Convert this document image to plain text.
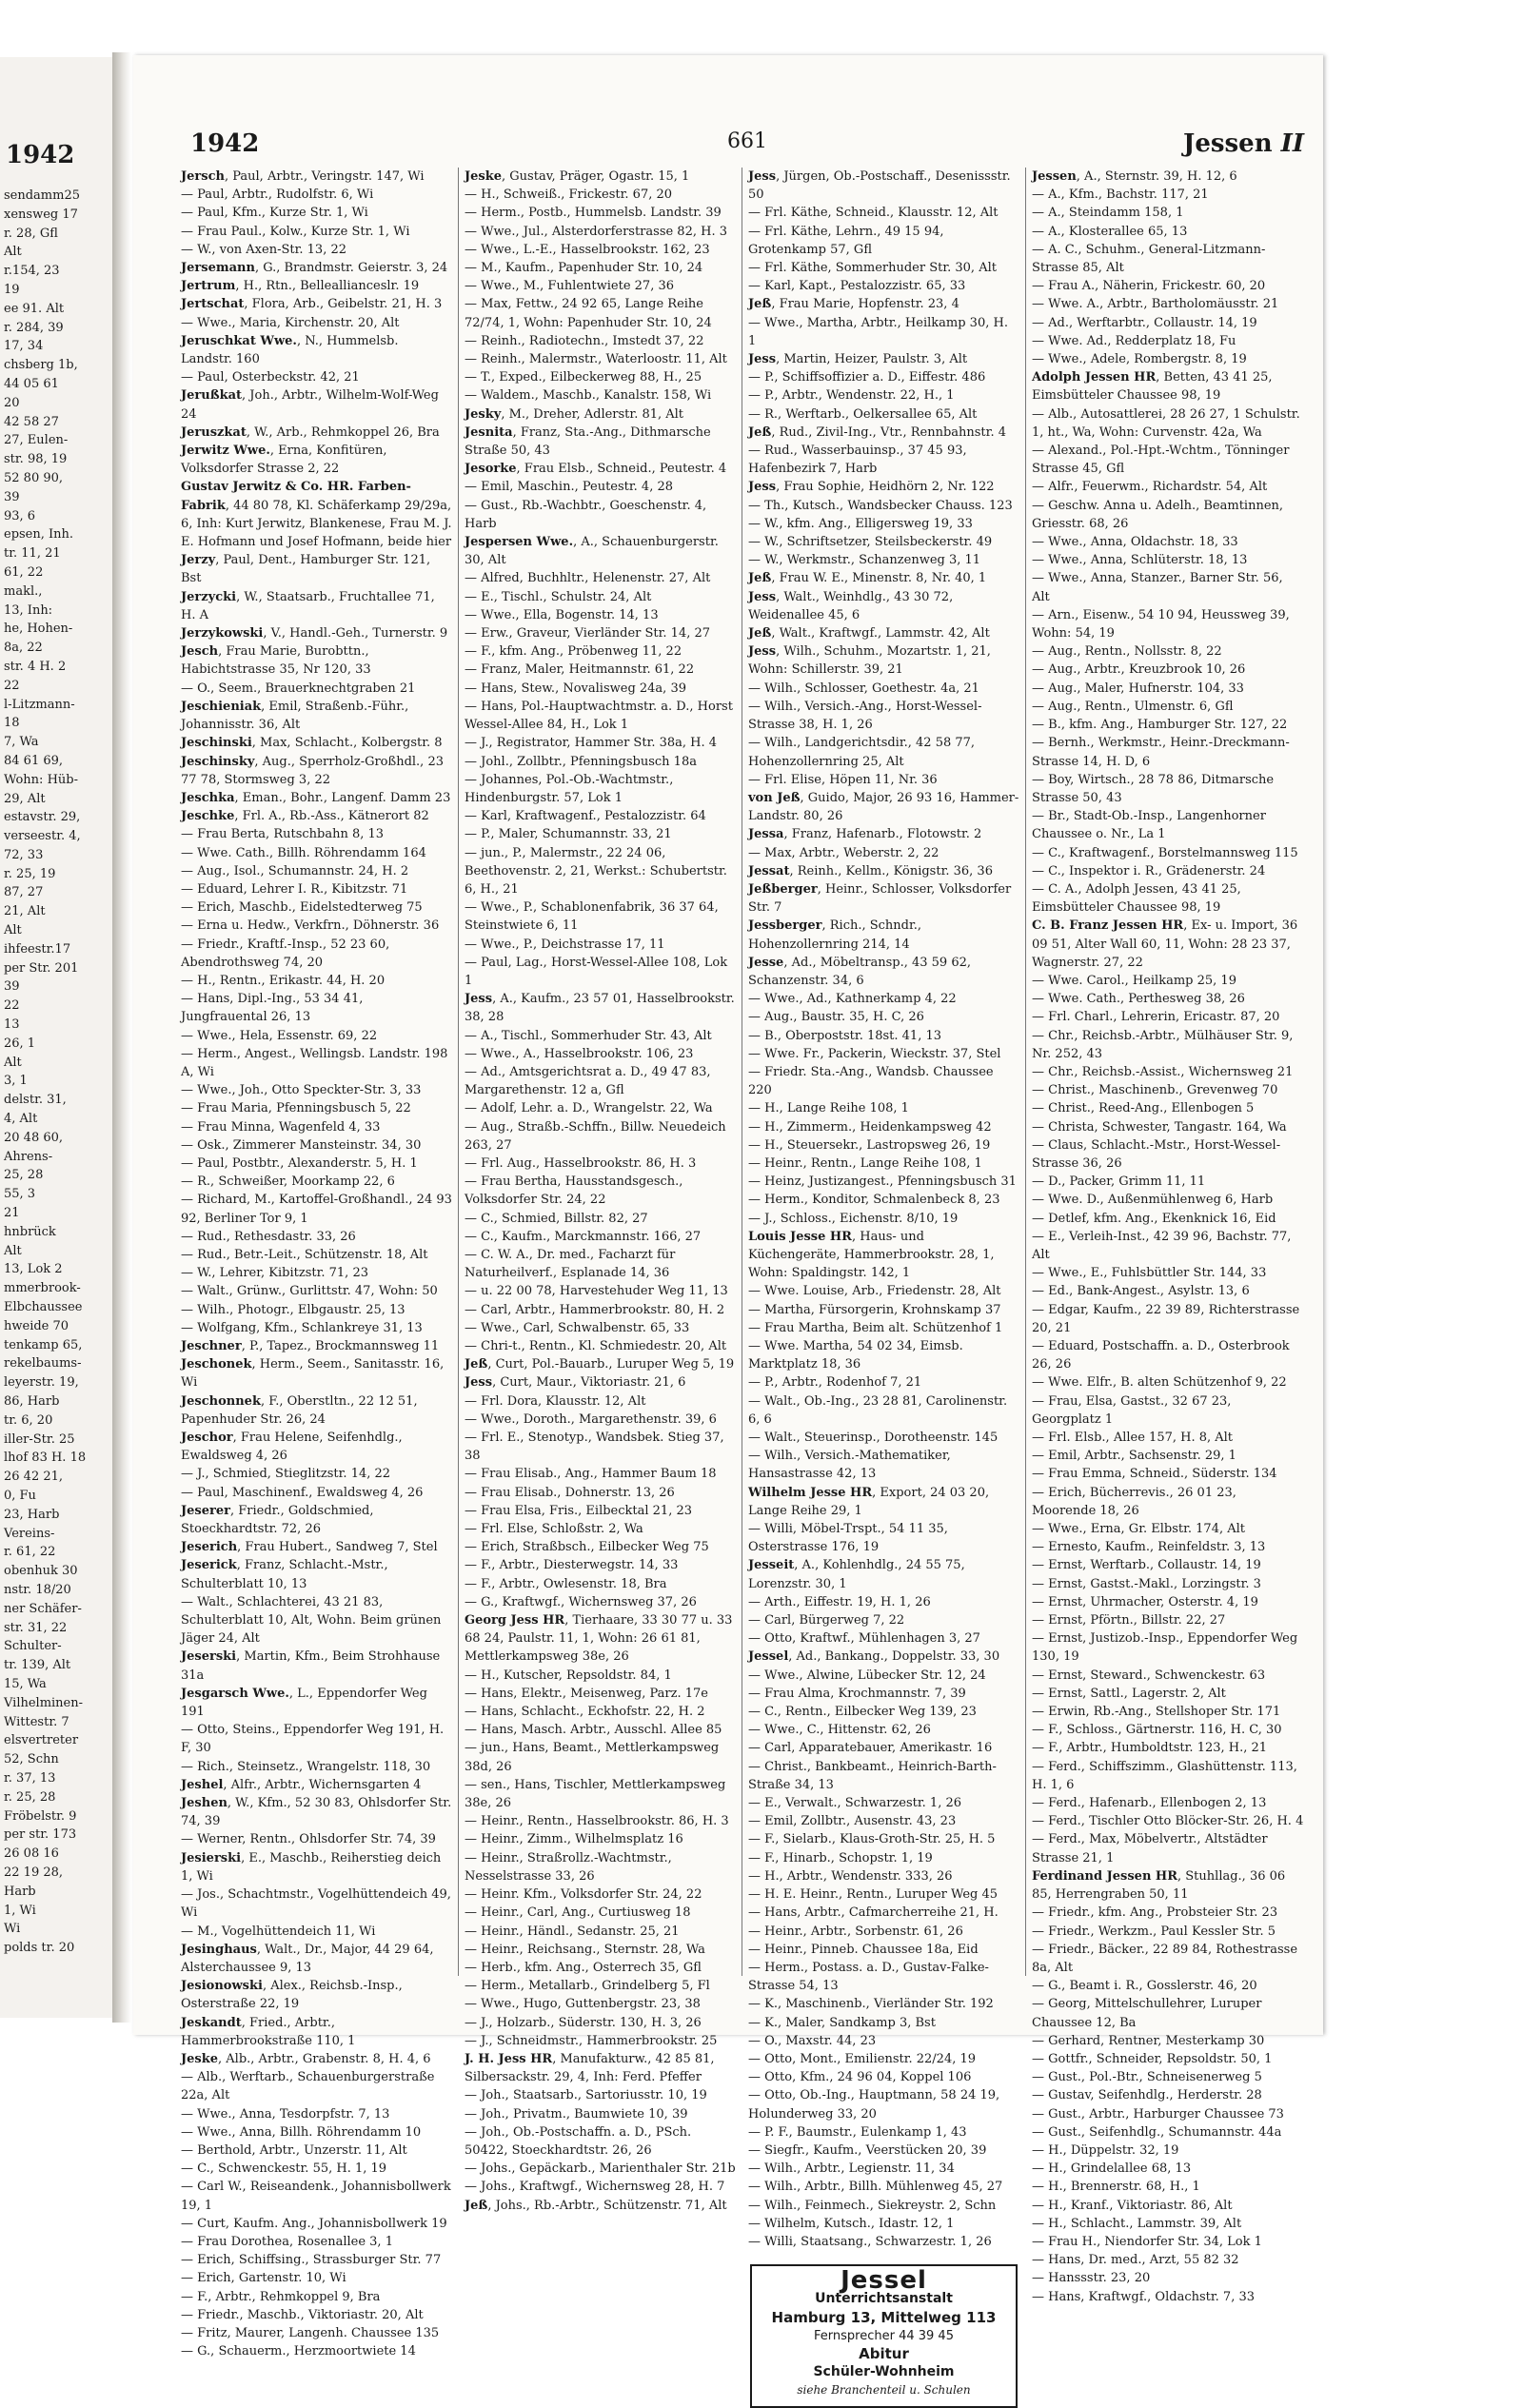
1942
sendamm25
xensweg 17
r. 28, Gfl
Alt
r.154, 23
19
ee 91. Alt
r. 284, 39
17, 34
chsberg 1b,
44 05 61
20
42 58 27
27, Eulen-
str. 98, 19
52 80 90,
39
93, 6
epsen, Inh.
tr. 11, 21
61, 22
makl.,
13, Inh:
he, Hohen-
8a, 22
str. 4 H. 2
22
l-Litzmann-
18
7, Wa
84 61 69,
Wohn: Hüb-
29, Alt
estavstr. 29,
verseestr. 4,
72, 33
r. 25, 19
87, 27
21, Alt
Alt
ihfeestr.17
per Str. 201
39
22
13
26, 1
Alt
3, 1
delstr. 31,
4, Alt
20 48 60,
Ahrens-
25, 28
55, 3
21
hnbrück
Alt
13, Lok 2
mmerbrook-
Elbchaussee
hweide 70
tenkamp 65,
rekelbaums-
leyerstr. 19,
86, Harb
tr. 6, 20
iller-Str. 25
lhof 83 H. 18
26 42 21,
0, Fu
23, Harb
Vereins-
r. 61, 22
obenhuk 30
nstr. 18/20
ner Schäfer-
str. 31, 22
Schulter-
tr. 139, Alt
15, Wa
Vilhelminen-
Wittestr. 7
elsvertreter
52, Schn
r. 37, 13
r. 25, 28
Fröbelstr. 9
per str. 173
26 08 16
22 19 28,
Harb
1, Wi
Wi
polds tr. 20
1942	661	Jessen II

Jersch, Paul, Arbtr., Veringstr. 147, Wi

— Paul, Arbtr., Rudolfstr. 6, Wi

— Paul, Kfm., Kurze Str. 1, Wi

— Frau Paul., Kolw., Kurze Str. 1, Wi

— W., von Axen-Str. 13, 22

Jersemann, G., Brandmstr. Geierstr. 3, 24

Jertrum, H., Rtn., Belleallianceslr. 19

Jertschat, Flora, Arb., Geibelstr. 21, H. 3

— Wwe., Maria, Kirchenstr. 20, Alt

Jeruschkat Wwe., N., Hummelsb. Landstr. 160

— Paul, Osterbeckstr. 42, 21

Jerußkat, Joh., Arbtr., Wilhelm-Wolf-Weg 24

Jeruszkat, W., Arb., Rehmkoppel 26, Bra

Jerwitz Wwe., Erna, Konfitüren, Volksdorfer Strasse 2, 22

Gustav Jerwitz & Co. HR. Farben-Fabrik, 44 80 78, Kl. Schäferkamp 29/29a, 6, Inh: Kurt Jerwitz, Blankenese, Frau M. J. E. Hofmann und Josef Hofmann, beide hier

Jerzy, Paul, Dent., Hamburger Str. 121, Bst

Jerzycki, W., Staatsarb., Fruchtallee 71, H. A

Jerzykowski, V., Handl.-Geh., Turnerstr. 9

Jesch, Frau Marie, Burobttn., Habichtstrasse 35, Nr 120, 33

— O., Seem., Brauerknechtgraben 21

Jeschieniak, Emil, Straßenb.-Führ., Johannisstr. 36, Alt

Jeschinski, Max, Schlacht., Kolbergstr. 8

Jeschinsky, Aug., Sperrholz-Großhdl., 23 77 78, Stormsweg 3, 22

Jeschka, Eman., Bohr., Langenf. Damm 23

Jeschke, Frl. A., Rb.-Ass., Kätnerort 82

— Frau Berta, Rutschbahn 8, 13

— Wwe. Cath., Billh. Röhrendamm 164

— Aug., Isol., Schumannstr. 24, H. 2

— Eduard, Lehrer I. R., Kibitzstr. 71

— Erich, Maschb., Eidelstedterweg 75

— Erna u. Hedw., Verkfrn., Döhnerstr. 36

— Friedr., Kraftf.-Insp., 52 23 60, Abendrothsweg 74, 20

— H., Rentn., Erikastr. 44, H. 20

— Hans, Dipl.-Ing., 53 34 41, Jungfrauental 26, 13

— Wwe., Hela, Essenstr. 69, 22

— Herm., Angest., Wellingsb. Landstr. 198 A, Wi

— Wwe., Joh., Otto Speckter-Str. 3, 33

— Frau Maria, Pfenningsbusch 5, 22

— Frau Minna, Wagenfeld 4, 33

— Osk., Zimmerer Mansteinstr. 34, 30

— Paul, Postbtr., Alexanderstr. 5, H. 1

— R., Schweißer, Moorkamp 22, 6

— Richard, M., Kartoffel-Großhandl., 24 93 92, Berliner Tor 9, 1

— Rud., Rethesdastr. 33, 26

— Rud., Betr.-Leit., Schützenstr. 18, Alt

— W., Lehrer, Kibitzstr. 71, 23

— Walt., Grünw., Gurlittstr. 47, Wohn: 50

— Wilh., Photogr., Elbgaustr. 25, 13

— Wolfgang, Kfm., Schlankreye 31, 13

Jeschner, P., Tapez., Brockmannsweg 11

Jeschonek, Herm., Seem., Sanitasstr. 16, Wi

Jeschonnek, F., Oberstltn., 22 12 51, Papenhuder Str. 26, 24

Jeschor, Frau Helene, Seifenhdlg., Ewaldsweg 4, 26

— J., Schmied, Stieglitzstr. 14, 22

— Paul, Maschinenf., Ewaldsweg 4, 26

Jeserer, Friedr., Goldschmied, Stoeckhardtstr. 72, 26

Jeserich, Frau Hubert., Sandweg 7, Stel

Jeserick, Franz, Schlacht.-Mstr., Schulterblatt 10, 13

— Walt., Schlachterei, 43 21 83, Schulterblatt 10, Alt, Wohn. Beim grünen Jäger 24, Alt

Jeserski, Martin, Kfm., Beim Strohhause 31a

Jesgarsch Wwe., L., Eppendorfer Weg 191

— Otto, Steins., Eppendorfer Weg 191, H. F, 30

— Rich., Steinsetz., Wrangelstr. 118, 30

Jeshel, Alfr., Arbtr., Wichernsgarten 4

Jeshen, W., Kfm., 52 30 83, Ohlsdorfer Str. 74, 39

— Werner, Rentn., Ohlsdorfer Str. 74, 39

Jesierski, E., Maschb., Reiherstieg deich 1, Wi

— Jos., Schachtmstr., Vogelhüttendeich 49, Wi

— M., Vogelhüttendeich 11, Wi

Jesinghaus, Walt., Dr., Major, 44 29 64, Alsterchaussee 9, 13

Jesionowski, Alex., Reichsb.-Insp., Osterstraße 22, 19

Jeskandt, Fried., Arbtr., Hammerbrookstraße 110, 1

Jeske, Alb., Arbtr., Grabenstr. 8, H. 4, 6

— Alb., Werftarb., Schauenburgerstraße 22a, Alt

— Wwe., Anna, Tesdorpfstr. 7, 13

— Wwe., Anna, Billh. Röhrendamm 10

— Berthold, Arbtr., Unzerstr. 11, Alt

— C., Schwenckestr. 55, H. 1, 19

— Carl W., Reiseandenk., Johannisbollwerk 19, 1

— Curt, Kaufm. Ang., Johannisbollwerk 19

— Frau Dorothea, Rosenallee 3, 1

— Erich, Schiffsing., Strassburger Str. 77

— Erich, Gartenstr. 10, Wi

— F., Arbtr., Rehmkoppel 9, Bra

— Friedr., Maschb., Viktoriastr. 20, Alt

— Fritz, Maurer, Langenh. Chaussee 135

— G., Schauerm., Herzmoortwiete 14

Jeske, Gustav, Präger, Ogastr. 15, 1

— H., Schweiß., Frickestr. 67, 20

— Herm., Postb., Hummelsb. Landstr. 39

— Wwe., Jul., Alsterdorferstrasse 82, H. 3

— Wwe., L.-E., Hasselbrookstr. 162, 23

— M., Kaufm., Papenhuder Str. 10, 24

— Wwe., M., Fuhlentwiete 27, 36

— Max, Fettw., 24 92 65, Lange Reihe 72/74, 1, Wohn: Papenhuder Str. 10, 24

— Reinh., Radiotechn., Imstedt 37, 22

— Reinh., Malermstr., Waterloostr. 11, Alt

— T., Exped., Eilbeckerweg 88, H., 25

— Waldem., Maschb., Kanalstr. 158, Wi

Jesky, M., Dreher, Adlerstr. 81, Alt

Jesnita, Franz, Sta.-Ang., Dithmarsche Straße 50, 43

Jesorke, Frau Elsb., Schneid., Peutestr. 4

— Emil, Maschin., Peutestr. 4, 28

— Gust., Rb.-Wachbtr., Goeschenstr. 4, Harb

Jespersen Wwe., A., Schauenburgerstr. 30, Alt

— Alfred, Buchhltr., Helenenstr. 27, Alt

— E., Tischl., Schulstr. 24, Alt

— Wwe., Ella, Bogenstr. 14, 13

— Erw., Graveur, Vierländer Str. 14, 27

— F., kfm. Ang., Pröbenweg 11, 22

— Franz, Maler, Heitmannstr. 61, 22

— Hans, Stew., Novalisweg 24a, 39

— Hans, Pol.-Hauptwachtmstr. a. D., Horst Wessel-Allee 84, H., Lok 1

— J., Registrator, Hammer Str. 38a, H. 4

— Johl., Zollbtr., Pfenningsbusch 18a

— Johannes, Pol.-Ob.-Wachtmstr., Hindenburgstr. 57, Lok 1

— Karl, Kraftwagenf., Pestalozzistr. 64

— P., Maler, Schumannstr. 33, 21

— jun., P., Malermstr., 22 24 06, Beethovenstr. 2, 21, Werkst.: Schubertstr. 6, H., 21

— Wwe., P., Schablonenfabrik, 36 37 64, Steinstwiete 6, 11

— Wwe., P., Deichstrasse 17, 11

— Paul, Lag., Horst-Wessel-Allee 108, Lok 1

Jess, A., Kaufm., 23 57 01, Hasselbrookstr. 38, 28

— A., Tischl., Sommerhuder Str. 43, Alt

— Wwe., A., Hasselbrookstr. 106, 23

— Ad., Amtsgerichtsrat a. D., 49 47 83, Margarethenstr. 12 a, Gfl

— Adolf, Lehr. a. D., Wrangelstr. 22, Wa

— Aug., Straßb.-Schffn., Billw. Neuedeich 263, 27

— Frl. Aug., Hasselbrookstr. 86, H. 3

— Frau Bertha, Hausstandsgesch., Volksdorfer Str. 24, 22

— C., Schmied, Billstr. 82, 27

— C., Kaufm., Marckmannstr. 166, 27

— C. W. A., Dr. med., Facharzt für Naturheilverf., Esplanade 14, 36

— u. 22 00 78, Harvestehuder Weg 11, 13

— Carl, Arbtr., Hammerbrookstr. 80, H. 2

— Wwe., Carl, Schwalbenstr. 65, 33

— Chri-t., Rentn., Kl. Schmiedestr. 20, Alt

Jeß, Curt, Pol.-Bauarb., Luruper Weg 5, 19

Jess, Curt, Maur., Viktoriastr. 21, 6

— Frl. Dora, Klausstr. 12, Alt

— Wwe., Doroth., Margarethenstr. 39, 6

— Frl. E., Stenotyp., Wandsbek. Stieg 37, 38

— Frau Elisab., Ang., Hammer Baum 18

— Frau Elisab., Dohnerstr. 13, 26

— Frau Elsa, Fris., Eilbecktal 21, 23

— Frl. Else, Schloßstr. 2, Wa

— Erich, Straßbsch., Eilbecker Weg 75

— F., Arbtr., Diesterwegstr. 14, 33

— F., Arbtr., Owlesenstr. 18, Bra

— G., Kraftwgf., Wichernsweg 37, 26

Georg Jess HR, Tierhaare, 33 30 77 u. 33 68 24, Paulstr. 11, 1, Wohn: 26 61 81, Mettlerkampsweg 38e, 26

— H., Kutscher, Repsoldstr. 84, 1

— Hans, Elektr., Meisenweg, Parz. 17e

— Hans, Schlacht., Eckhofstr. 22, H. 2

— Hans, Masch. Arbtr., Ausschl. Allee 85

— jun., Hans, Beamt., Mettlerkampsweg 38d, 26

— sen., Hans, Tischler, Mettlerkampsweg 38e, 26

— Heinr., Rentn., Hasselbrookstr. 86, H. 3

— Heinr., Zimm., Wilhelmsplatz 16

— Heinr., Straßrollz.-Wachtmstr., Nesselstrasse 33, 26

— Heinr. Kfm., Volksdorfer Str. 24, 22

— Heinr., Carl, Ang., Curtiusweg 18

— Heinr., Händl., Sedanstr. 25, 21

— Heinr., Reichsang., Sternstr. 28, Wa

— Herb., kfm. Ang., Osterrech 35, Gfl

— Herm., Metallarb., Grindelberg 5, Fl

— Wwe., Hugo, Guttenbergstr. 23, 38

— J., Holzarb., Süderstr. 130, H. 3, 26

— J., Schneidmstr., Hammerbrookstr. 25

J. H. Jess HR, Manufakturw., 42 85 81, Silbersackstr. 29, 4, Inh: Ferd. Pfeffer

— Joh., Staatsarb., Sartoriusstr. 10, 19

— Joh., Privatm., Baumwiete 10, 39

— Joh., Ob.-Postschaffn. a. D., PSch. 50422, Stoeckhardtstr. 26, 26

— Johs., Gepäckarb., Marienthaler Str. 21b

— Johs., Kraftwgf., Wichernsweg 28, H. 7

Jeß, Johs., Rb.-Arbtr., Schützenstr. 71, Alt

Jess, Jürgen, Ob.-Postschaff., Desenissstr. 50

— Frl. Käthe, Schneid., Klausstr. 12, Alt

— Frl. Käthe, Lehrn., 49 15 94, Grotenkamp 57, Gfl

— Frl. Käthe, Sommerhuder Str. 30, Alt

— Karl, Kapt., Pestalozzistr. 65, 33

Jeß, Frau Marie, Hopfenstr. 23, 4

— Wwe., Martha, Arbtr., Heilkamp 30, H. 1

Jess, Martin, Heizer, Paulstr. 3, Alt

— P., Schiffsoffizier a. D., Eiffestr. 486

— P., Arbtr., Wendenstr. 22, H., 1

— R., Werftarb., Oelkersallee 65, Alt

Jeß, Rud., Zivil-Ing., Vtr., Rennbahnstr. 4

— Rud., Wasserbauinsp., 37 45 93, Hafenbezirk 7, Harb

Jess, Frau Sophie, Heidhörn 2, Nr. 122

— Th., Kutsch., Wandsbecker Chauss. 123

— W., kfm. Ang., Elligersweg 19, 33

— W., Schriftsetzer, Steilsbeckerstr. 49

— W., Werkmstr., Schanzenweg 3, 11

Jeß, Frau W. E., Minenstr. 8, Nr. 40, 1

Jess, Walt., Weinhdlg., 43 30 72, Weidenallee 45, 6

Jeß, Walt., Kraftwgf., Lammstr. 42, Alt

Jess, Wilh., Schuhm., Mozartstr. 1, 21, Wohn: Schillerstr. 39, 21

— Wilh., Schlosser, Goethestr. 4a, 21

— Wilh., Versich.-Ang., Horst-Wessel-Strasse 38, H. 1, 26

— Wilh., Landgerichtsdir., 42 58 77, Hohenzollernring 25, Alt

— Frl. Elise, Höpen 11, Nr. 36

von Jeß, Guido, Major, 26 93 16, Hammer-Landstr. 80, 26

Jessa, Franz, Hafenarb., Flotowstr. 2

— Max, Arbtr., Weberstr. 2, 22

Jessat, Reinh., Kellm., Königstr. 36, 36

Jeßberger, Heinr., Schlosser, Volksdorfer Str. 7

Jessberger, Rich., Schndr., Hohenzollernring 214, 14

Jesse, Ad., Möbeltransp., 43 59 62, Schanzenstr. 34, 6

— Wwe., Ad., Kathnerkamp 4, 22

— Aug., Baustr. 35, H. C, 26

— B., Oberpoststr. 18st. 41, 13

— Wwe. Fr., Packerin, Wieckstr. 37, Stel

— Friedr. Sta.-Ang., Wandsb. Chaussee 220

— H., Lange Reihe 108, 1

— H., Zimmerm., Heidenkampsweg 42

— H., Steuersekr., Lastropsweg 26, 19

— Heinr., Rentn., Lange Reihe 108, 1

— Heinz, Justizangest., Pfenningsbusch 31

— Herm., Konditor, Schmalenbeck 8, 23

— J., Schloss., Eichenstr. 8/10, 19

Louis Jesse HR, Haus- und Küchengeräte, Hammerbrookstr. 28, 1, Wohn: Spaldingstr. 142, 1

— Wwe. Louise, Arb., Friedenstr. 28, Alt

— Martha, Fürsorgerin, Krohnskamp 37

— Frau Martha, Beim alt. Schützenhof 1

— Wwe. Martha, 54 02 34, Eimsb. Marktplatz 18, 36

— P., Arbtr., Rodenhof 7, 21

— Walt., Ob.-Ing., 23 28 81, Carolinenstr. 6, 6

— Walt., Steuerinsp., Dorotheenstr. 145

— Wilh., Versich.-Mathematiker, Hansastrasse 42, 13

Wilhelm Jesse HR, Export, 24 03 20, Lange Reihe 29, 1

— Willi, Möbel-Trspt., 54 11 35, Osterstrasse 176, 19

Jesseit, A., Kohlenhdlg., 24 55 75, Lorenzstr. 30, 1

— Arth., Eiffestr. 19, H. 1, 26

— Carl, Bürgerweg 7, 22

— Otto, Kraftwf., Mühlenhagen 3, 27

Jessel, Ad., Bankang., Doppelstr. 33, 30

— Wwe., Alwine, Lübecker Str. 12, 24

— Frau Alma, Krochmannstr. 7, 39

— C., Rentn., Eilbecker Weg 139, 23

— Wwe., C., Hittenstr. 62, 26

— Carl, Apparatebauer, Amerikastr. 16

— Christ., Bankbeamt., Heinrich-Barth-Straße 34, 13

— E., Verwalt., Schwarzestr. 1, 26

— Emil, Zollbtr., Ausenstr. 43, 23

— F., Sielarb., Klaus-Groth-Str. 25, H. 5

— F., Hinarb., Schopstr. 1, 19

— H., Arbtr., Wendenstr. 333, 26

— H. E. Heinr., Rentn., Luruper Weg 45

— Hans, Arbtr., Cafmarcherreihe 21, H.

— Heinr., Arbtr., Sorbenstr. 61, 26

— Heinr., Pinneb. Chaussee 18a, Eid

— Herm., Postass. a. D., Gustav-Falke-Strasse 54, 13

— K., Maschinenb., Vierländer Str. 192

— K., Maler, Sandkamp 3, Bst

— O., Maxstr. 44, 23

— Otto, Mont., Emilienstr. 22/24, 19

— Otto, Kfm., 24 96 04, Koppel 106

— Otto, Ob.-Ing., Hauptmann, 58 24 19, Holunderweg 33, 20

— P. F., Baumstr., Eulenkamp 1, 43

— Siegfr., Kaufm., Veerstücken 20, 39

— Wilh., Arbtr., Legienstr. 11, 34

— Wilh., Arbtr., Billh. Mühlenweg 45, 27

— Wilh., Feinmech., Siekreystr. 2, Schn

— Wilhelm, Kutsch., Idastr. 12, 1

— Willi, Staatsang., Schwarzestr. 1, 26

Jessel
Unterrichtsanstalt
Hamburg 13, Mittelweg 113
Fernsprecher 44 39 45
Abitur
Schüler-Wohnheim
siehe Branchenteil u. Schulen

Jessen, A., Sternstr. 39, H. 12, 6

— A., Kfm., Bachstr. 117, 21

— A., Steindamm 158, 1

— A., Klosterallee 65, 13

— A. C., Schuhm., General-Litzmann-Strasse 85, Alt

— Frau A., Näherin, Frickestr. 60, 20

— Wwe. A., Arbtr., Bartholomäusstr. 21

— Ad., Werftarbtr., Collaustr. 14, 19

— Wwe. Ad., Redderplatz 18, Fu

— Wwe., Adele, Rombergstr. 8, 19

Adolph Jessen HR, Betten, 43 41 25, Eimsbütteler Chaussee 98, 19

— Alb., Autosattlerei, 28 26 27, 1 Schulstr. 1, ht., Wa, Wohn: Curvenstr. 42a, Wa

— Alexand., Pol.-Hpt.-Wchtm., Tönninger Strasse 45, Gfl

— Alfr., Feuerwm., Richardstr. 54, Alt

— Geschw. Anna u. Adelh., Beamtinnen, Griesstr. 68, 26

— Wwe., Anna, Oldachstr. 18, 33

— Wwe., Anna, Schlüterstr. 18, 13

— Wwe., Anna, Stanzer., Barner Str. 56, Alt

— Arn., Eisenw., 54 10 94, Heussweg 39, Wohn: 54, 19

— Aug., Rentn., Nollsstr. 8, 22

— Aug., Arbtr., Kreuzbrook 10, 26

— Aug., Maler, Hufnerstr. 104, 33

— Aug., Rentn., Ulmenstr. 6, Gfl

— B., kfm. Ang., Hamburger Str. 127, 22

— Bernh., Werkmstr., Heinr.-Dreckmann-Strasse 14, H. D, 6

— Boy, Wirtsch., 28 78 86, Ditmarsche Strasse 50, 43

— Br., Stadt-Ob.-Insp., Langenhorner Chaussee o. Nr., La 1

— C., Kraftwagenf., Borstelmannsweg 115

— C., Inspektor i. R., Grädenerstr. 24

— C. A., Adolph Jessen, 43 41 25, Eimsbütteler Chaussee 98, 19

C. B. Franz Jessen HR, Ex- u. Import, 36 09 51, Alter Wall 60, 11, Wohn: 28 23 37, Wagnerstr. 27, 22

— Wwe. Carol., Heilkamp 25, 19

— Wwe. Cath., Perthesweg 38, 26

— Frl. Charl., Lehrerin, Ericastr. 87, 20

— Chr., Reichsb.-Arbtr., Mülhäuser Str. 9, Nr. 252, 43

— Chr., Reichsb.-Assist., Wichernsweg 21

— Christ., Maschinenb., Grevenweg 70

— Christ., Reed-Ang., Ellenbogen 5

— Christa, Schwester, Tangastr. 164, Wa

— Claus, Schlacht.-Mstr., Horst-Wessel-Strasse 36, 26

— D., Packer, Grimm 11, 11

— Wwe. D., Außenmühlenweg 6, Harb

— Detlef, kfm. Ang., Ekenknick 16, Eid

— E., Verleih-Inst., 42 39 96, Bachstr. 77, Alt

— Wwe., E., Fuhlsbüttler Str. 144, 33

— Ed., Bank-Angest., Asylstr. 13, 6

— Edgar, Kaufm., 22 39 89, Richterstrasse 20, 21

— Eduard, Postschaffn. a. D., Osterbrook 26, 26

— Wwe. Elfr., B. alten Schützenhof 9, 22

— Frau, Elsa, Gastst., 32 67 23, Georgplatz 1

— Frl. Elsb., Allee 157, H. 8, Alt

— Emil, Arbtr., Sachsenstr. 29, 1

— Frau Emma, Schneid., Süderstr. 134

— Erich, Bücherrevis., 26 01 23, Moorende 18, 26

— Wwe., Erna, Gr. Elbstr. 174, Alt

— Ernesto, Kaufm., Reinfeldstr. 3, 13

— Ernst, Werftarb., Collaustr. 14, 19

— Ernst, Gastst.-Makl., Lorzingstr. 3

— Ernst, Uhrmacher, Osterstr. 4, 19

— Ernst, Pförtn., Billstr. 22, 27

— Ernst, Justizob.-Insp., Eppendorfer Weg 130, 19

— Ernst, Steward., Schwenckestr. 63

— Ernst, Sattl., Lagerstr. 2, Alt

— Erwin, Rb.-Ang., Stellshoper Str. 171

— F., Schloss., Gärtnerstr. 116, H. C, 30

— F., Arbtr., Humboldtstr. 123, H., 21

— Ferd., Schiffszimm., Glashüttenstr. 113, H. 1, 6

— Ferd., Hafenarb., Ellenbogen 2, 13

— Ferd., Tischler Otto Blöcker-Str. 26, H. 4

— Ferd., Max, Möbelvertr., Altstädter Strasse 21, 1

Ferdinand Jessen HR, Stuhllag., 36 06 85, Herrengraben 50, 11

— Friedr., kfm. Ang., Probsteier Str. 23

— Friedr., Werkzm., Paul Kessler Str. 5

— Friedr., Bäcker., 22 89 84, Rothestrasse 8a, Alt

— G., Beamt i. R., Gosslerstr. 46, 20

— Georg, Mittelschullehrer, Luruper Chaussee 12, Ba

— Gerhard, Rentner, Mesterkamp 30

— Gottfr., Schneider, Repsoldstr. 50, 1

— Gust., Pol.-Btr., Schneisenerweg 5

— Gustav, Seifenhdlg., Herderstr. 28

— Gust., Arbtr., Harburger Chaussee 73

— Gust., Seifenhdlg., Schumannstr. 44a

— H., Düppelstr. 32, 19

— H., Grindelallee 68, 13

— H., Brennerstr. 68, H., 1

— H., Kranf., Viktoriastr. 86, Alt

— H., Schlacht., Lammstr. 39, Alt

— Frau H., Niendorfer Str. 34, Lok 1

— Hans, Dr. med., Arzt, 55 82 32

— Hanssstr. 23, 20

— Hans, Kraftwgf., Oldachstr. 7, 33
